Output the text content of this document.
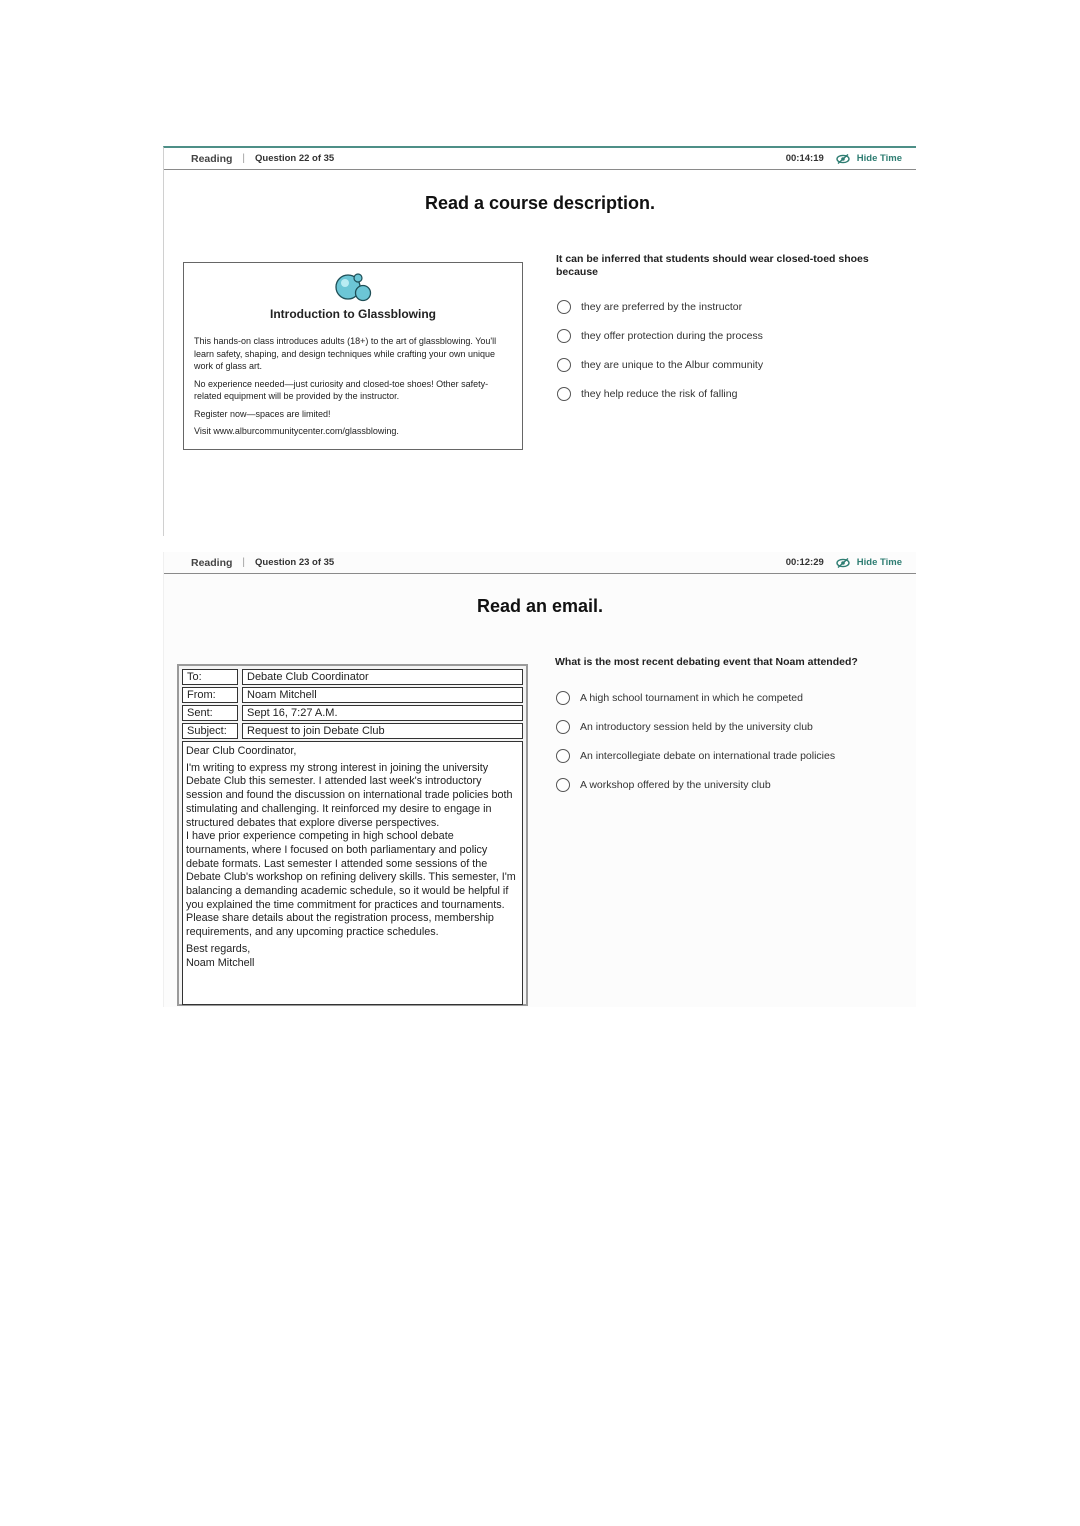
Reading | Question 22 of 35	00:14:19	Hide Time
Read a course description.
Introduction to Glassblowing

This hands-on class introduces adults (18+) to the art of glassblowing. You'll learn safety, shaping, and design techniques while crafting your own unique work of glass art.

No experience needed—just curiosity and closed-toe shoes! Other safety-related equipment will be provided by the instructor.

Register now—spaces are limited!

Visit www.alburcommunitycenter.com/glassblowing.

It can be inferred that students should wear closed-toed shoes because
they are preferred by the instructor
they offer protection during the process
they are unique to the Albur community
they help reduce the risk of falling
Reading | Question 23 of 35	00:12:29	Hide Time
Read an email.
To:	Debate Club Coordinator
From:	Noam Mitchell
Sent:	Sept 16, 7:27 A.M.
Subject:	Request to join Debate Club

Dear Club Coordinator,

I'm writing to express my strong interest in joining the university Debate Club this semester. I attended last week's introductory session and found the discussion on international trade policies both stimulating and challenging. It reinforced my desire to engage in structured debates that explore diverse perspectives.

I have prior experience competing in high school debate tournaments, where I focused on both parliamentary and policy debate formats. Last semester I attended some sessions of the Debate Club's workshop on refining delivery skills. This semester, I'm balancing a demanding academic schedule, so it would be helpful if you explained the time commitment for practices and tournaments. Please share details about the registration process, membership requirements, and any upcoming practice schedules.

Best regards,

Noam Mitchell

What is the most recent debating event that Noam attended?
A high school tournament in which he competed
An introductory session held by the university club
An intercollegiate debate on international trade policies
A workshop offered by the university club
